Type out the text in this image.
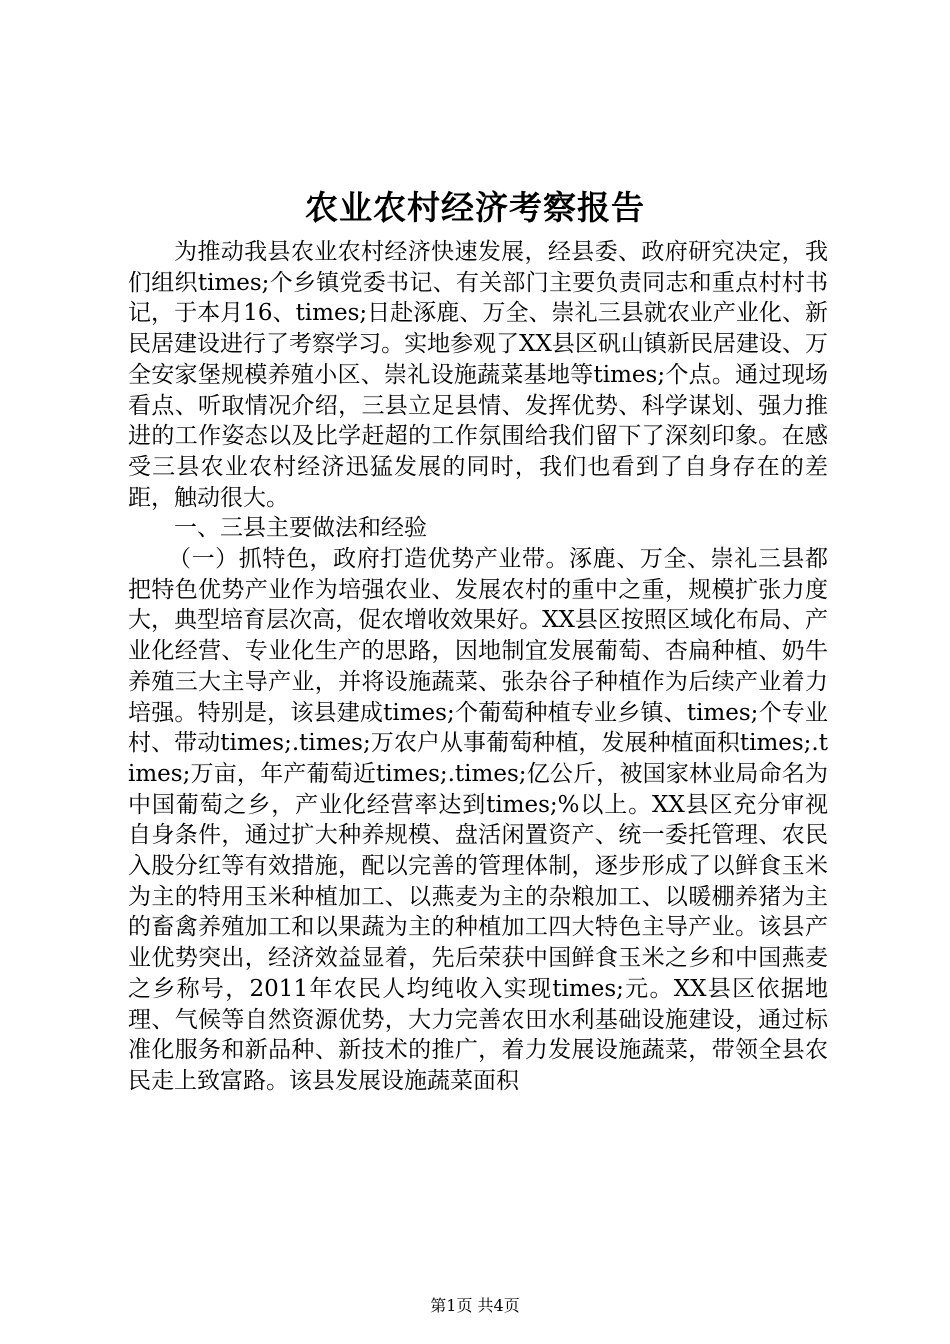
农业农村经济考察报告

为推动我县农业农村经济快速发展，经县委、政府研究决定，我们组织times;个乡镇党委书记、有关部门主要负责同志和重点村村书记，于本月16、times;日赴涿鹿、万全、崇礼三县就农业产业化、新民居建设进行了考察学习。实地参观了XX县区矾山镇新民居建设、万全安家堡规模养殖小区、崇礼设施蔬菜基地等times;个点。通过现场看点、听取情况介绍，三县立足县情、发挥优势、科学谋划、强力推进的工作姿态以及比学赶超的工作氛围给我们留下了深刻印象。在感受三县农业农村经济迅猛发展的同时，我们也看到了自身存在的差距，触动很大。

一、三县主要做法和经验

（一）抓特色，政府打造优势产业带。涿鹿、万全、崇礼三县都把特色优势产业作为培强农业、发展农村的重中之重，规模扩张力度大，典型培育层次高，促农增收效果好。XX县区按照区域化布局、产业化经营、专业化生产的思路，因地制宜发展葡萄、杏扁种植、奶牛养殖三大主导产业，并将设施蔬菜、张杂谷子种植作为后续产业着力培强。特别是，该县建成times;个葡萄种植专业乡镇、times;个专业村、带动times;.times;万农户从事葡萄种植，发展种植面积times;.times;万亩，年产葡萄近times;.times;亿公斤，被国家林业局命名为中国葡萄之乡，产业化经营率达到times;%以上。XX县区充分审视自身条件，通过扩大种养规模、盘活闲置资产、统一委托管理、农民入股分红等有效措施，配以完善的管理体制，逐步形成了以鲜食玉米为主的特用玉米种植加工、以燕麦为主的杂粮加工、以暖棚养猪为主的畜禽养殖加工和以果蔬为主的种植加工四大特色主导产业。该县产业优势突出，经济效益显着，先后荣获中国鲜食玉米之乡和中国燕麦之乡称号，2011年农民人均纯收入实现times;元。XX县区依据地理、气候等自然资源优势，大力完善农田水利基础设施建设，通过标准化服务和新品种、新技术的推广，着力发展设施蔬菜，带领全县农民走上致富路。该县发展设施蔬菜面积

第1页 共4页
